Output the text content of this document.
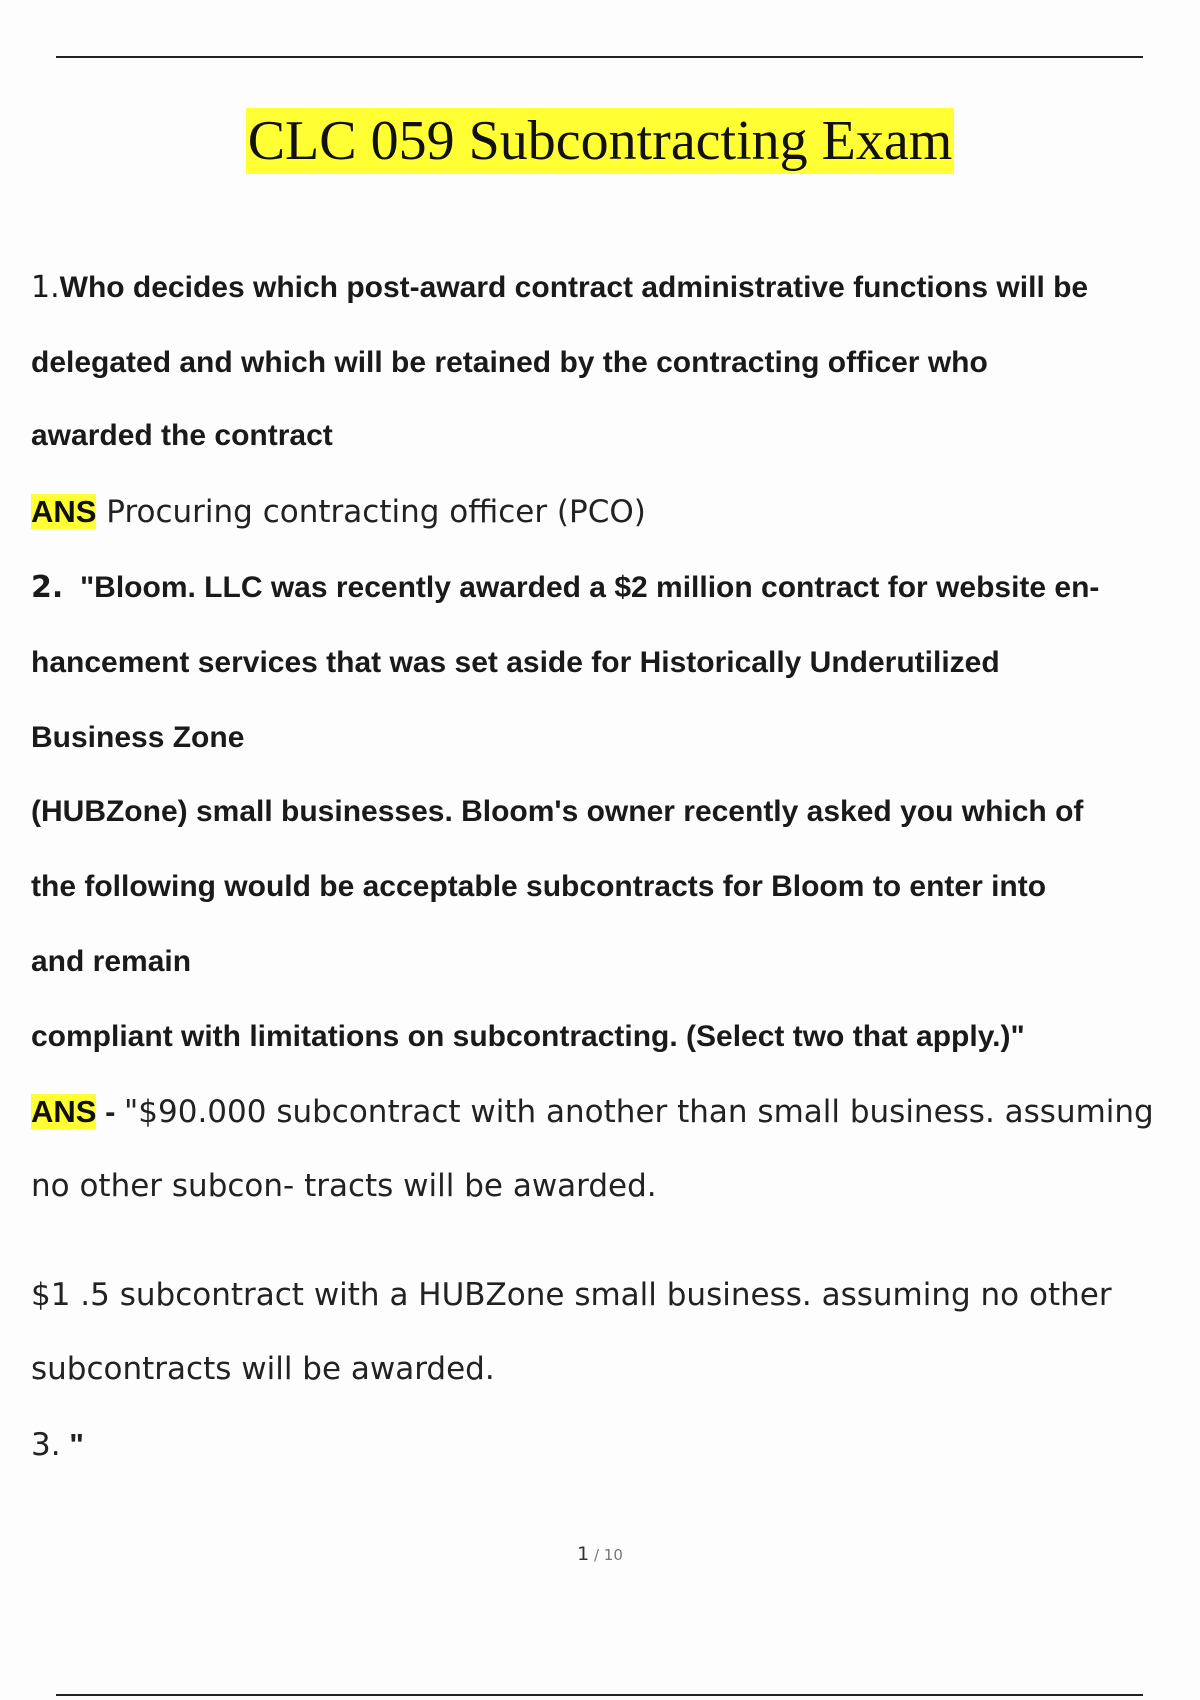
CLC 059 Subcontracting Exam
1.Who decides which post-award contract administrative functions will be
delegated and which will be retained by the contracting officer who
awarded the contract
ANS Procuring contracting officer (PCO)
2. "Bloom. LLC was recently awarded a $2 million contract for website en-
hancement services that was set aside for Historically Underutilized
Business Zone
(HUBZone) small businesses. Bloom's owner recently asked you which of
the following would be acceptable subcontracts for Bloom to enter into
and remain
compliant with limitations on subcontracting. (Select two that apply.)"
ANS - "$90.000 subcontract with another than small business. assuming
no other subcon- tracts will be awarded.
$1 .5 subcontract with a HUBZone small business. assuming no other
subcontracts will be awarded.
3. "
1 / 10
